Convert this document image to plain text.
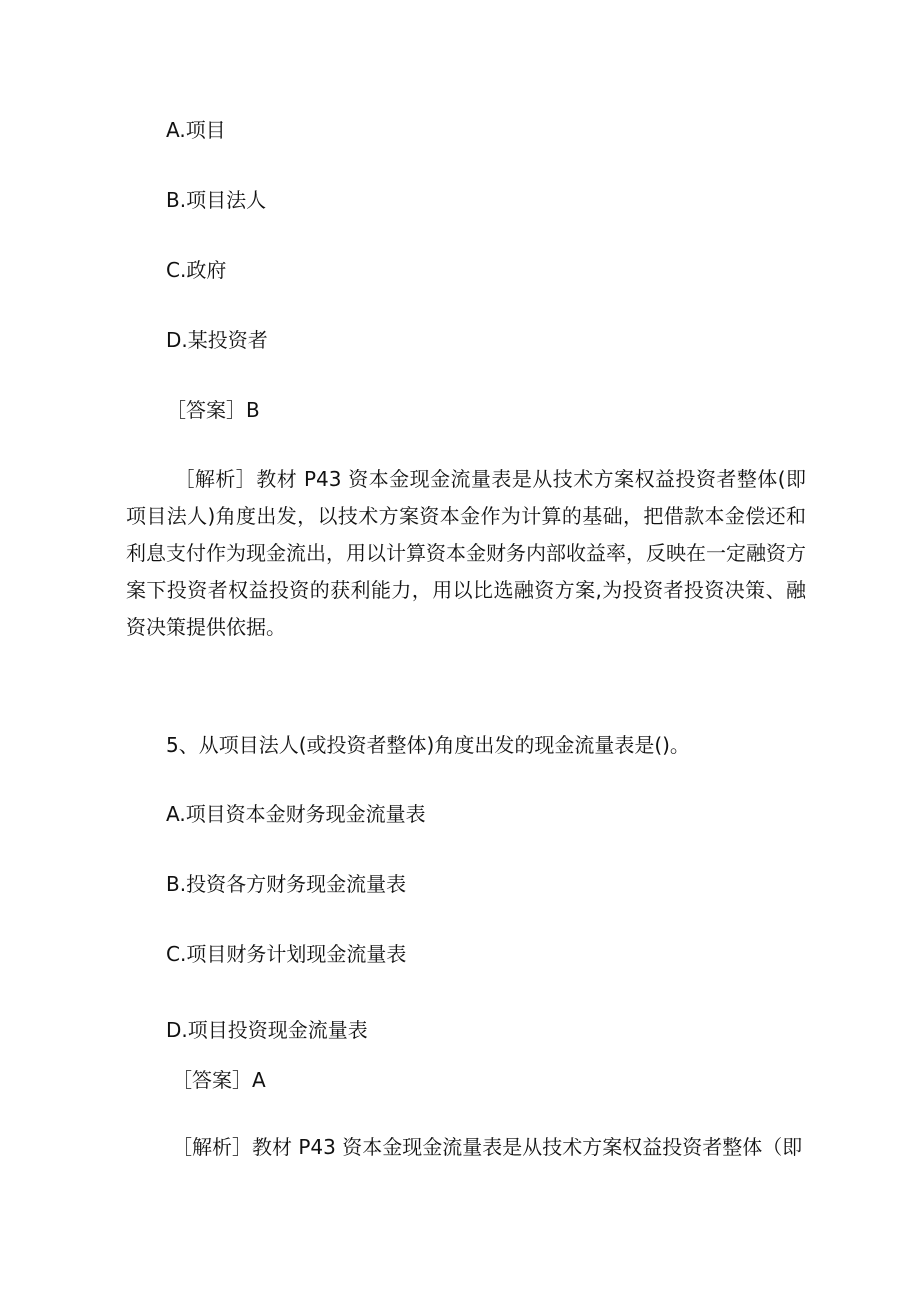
A.项目
B.项目法人
C.政府
D.某投资者
［答案］B
［解析］教材 P43 资本金现金流量表是从技术方案权益投资者整体(即项目法人)角度出发，以技术方案资本金作为计算的基础，把借款本金偿还和利息支付作为现金流出，用以计算资本金财务内部收益率，反映在一定融资方案下投资者权益投资的获利能力，用以比选融资方案,为投资者投资决策、融资决策提供依据。
5、从项目法人(或投资者整体)角度出发的现金流量表是()。
A.项目资本金财务现金流量表
B.投资各方财务现金流量表
C.项目财务计划现金流量表
D.项目投资现金流量表
［答案］A
［解析］教材 P43 资本金现金流量表是从技术方案权益投资者整体（即
